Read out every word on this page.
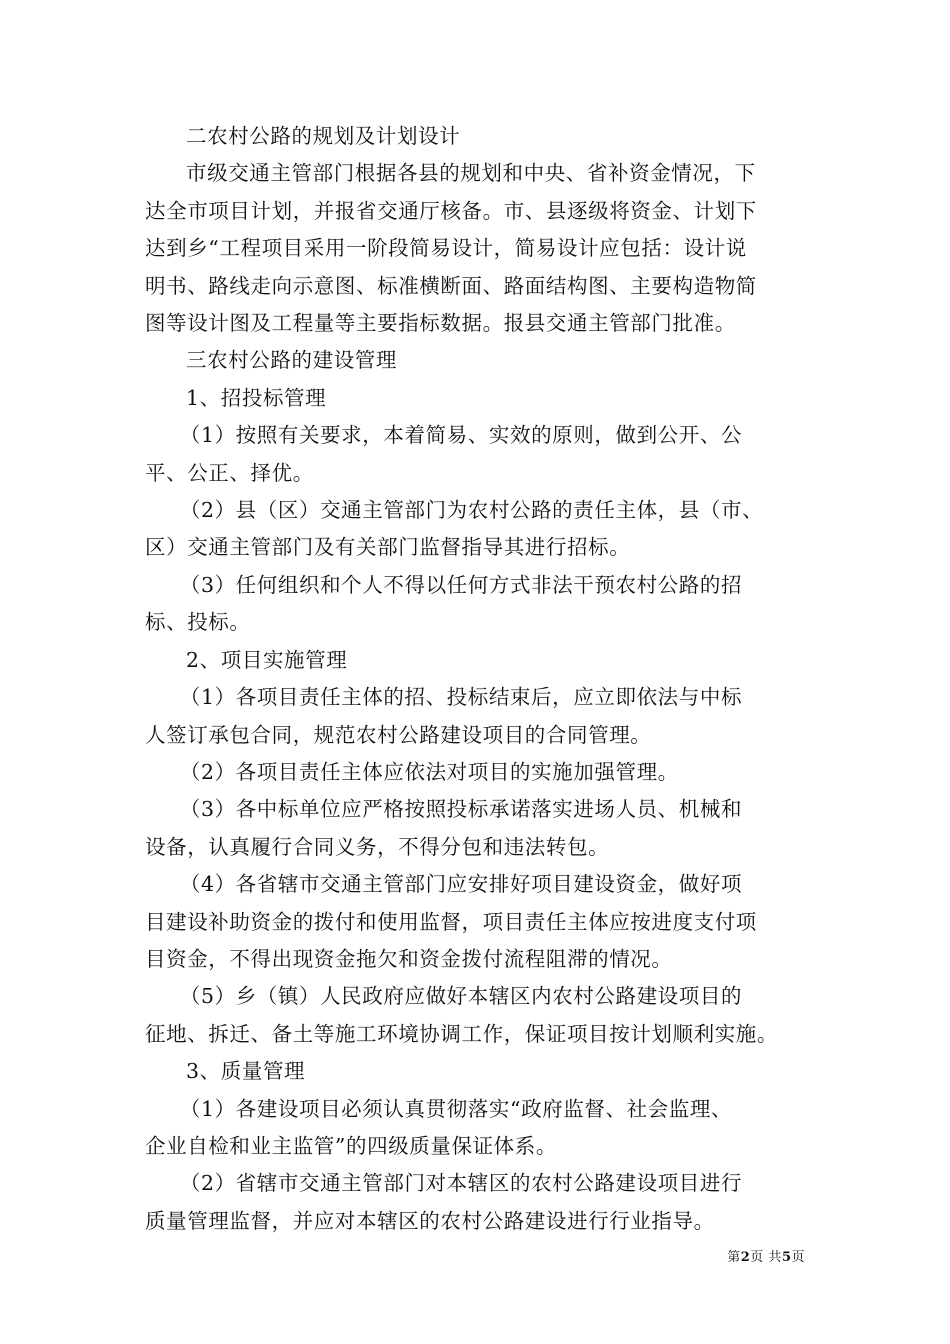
二农村公路的规划及计划设计

市级交通主管部门根据各县的规划和中央、省补资金情况，下
达全市项目计划，并报省交通厅核备。市、县逐级将资金、计划下
达到乡“工程项目采用一阶段简易设计，简易设计应包括：设计说
明书、路线走向示意图、标准横断面、路面结构图、主要构造物简
图等设计图及工程量等主要指标数据。报县交通主管部门批准。

三农村公路的建设管理

1、招投标管理

（1）按照有关要求，本着简易、实效的原则，做到公开、公
平、公正、择优。

（2）县（区）交通主管部门为农村公路的责任主体，县（市、
区）交通主管部门及有关部门监督指导其进行招标。

（3）任何组织和个人不得以任何方式非法干预农村公路的招
标、投标。

2、项目实施管理

（1）各项目责任主体的招、投标结束后，应立即依法与中标
人签订承包合同，规范农村公路建设项目的合同管理。

（2）各项目责任主体应依法对项目的实施加强管理。

（3）各中标单位应严格按照投标承诺落实进场人员、机械和
设备，认真履行合同义务，不得分包和违法转包。

（4）各省辖市交通主管部门应安排好项目建设资金，做好项
目建设补助资金的拨付和使用监督，项目责任主体应按进度支付项
目资金，不得出现资金拖欠和资金拨付流程阻滞的情况。

（5）乡（镇）人民政府应做好本辖区内农村公路建设项目的
征地、拆迁、备土等施工环境协调工作，保证项目按计划顺利实施。

3、质量管理

（1）各建设项目必须认真贯彻落实“政府监督、社会监理、
企业自检和业主监管”的四级质量保证体系。

（2）省辖市交通主管部门对本辖区的农村公路建设项目进行
质量管理监督，并应对本辖区的农村公路建设进行行业指导。

第2页 共5页
